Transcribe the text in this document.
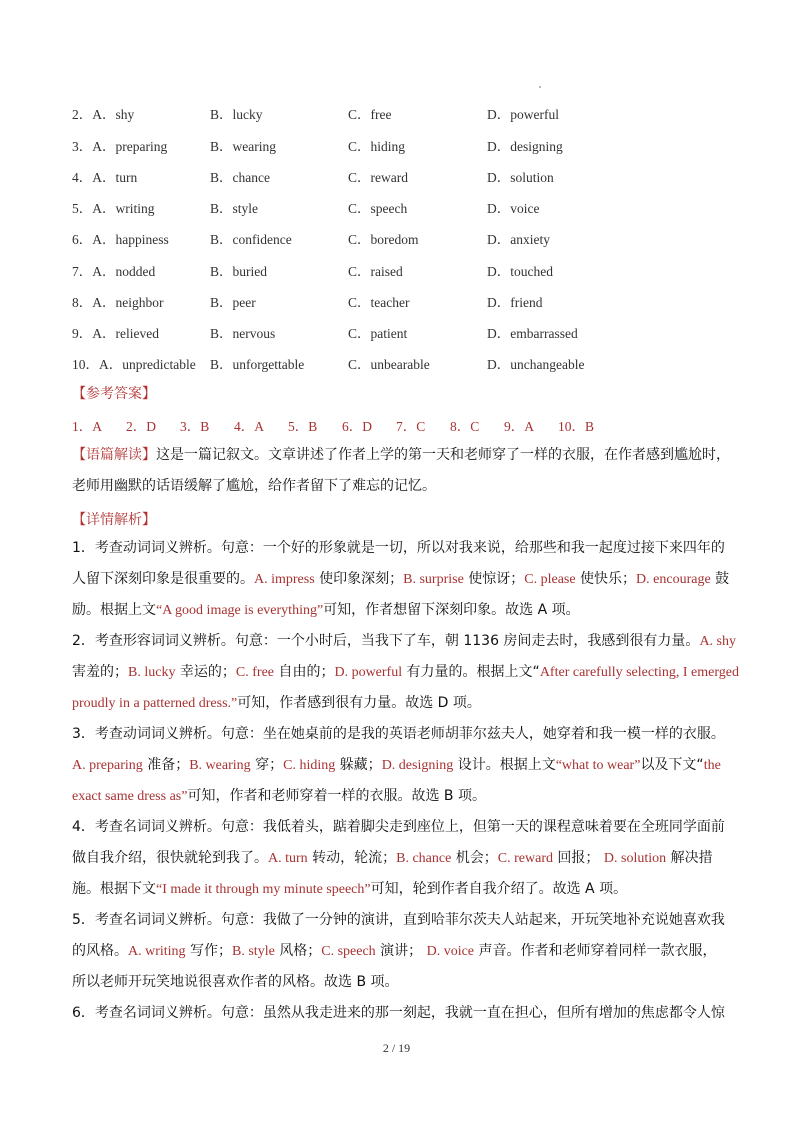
2．A．shy	B．lucky	C．free	D．powerful
3．A．preparing	B．wearing	C．hiding	D．designing
4．A．turn	B．chance	C．reward	D．solution
5．A．writing	B．style	C．speech	D．voice
6．A．happiness	B．confidence	C．boredom	D．anxiety
7．A．nodded	B．buried	C．raised	D．touched
8．A．neighbor	B．peer	C．teacher	D．friend
9．A．relieved	B．nervous	C．patient	D．embarrassed
10．A．unpredictable B．unforgettable	C．unbearable	D．unchangeable
【参考答案】
1．A 2．D 3．B 4．A 5．B 6．D 7．C 8．C 9．A 10．B
【语篇解读】这是一篇记叙文。文章讲述了作者上学的第一天和老师穿了一样的衣服，在作者感到尴尬时，
老师用幽默的话语缓解了尴尬，给作者留下了难忘的记忆。
【详情解析】
1．考查动词词义辨析。句意：一个好的形象就是一切，所以对我来说，给那些和我一起度过接下来四年的
人留下深刻印象是很重要的。A. impress 使印象深刻；B. surprise 使惊讶；C. please 使快乐；D. encourage 鼓
励。根据上文“A good image is everything”可知，作者想留下深刻印象。故选 A 项。
2．考查形容词词义辨析。句意：一个小时后，当我下了车，朝 1136 房间走去时，我感到很有力量。A. shy
害羞的；B. lucky 幸运的；C. free 自由的；D. powerful 有力量的。根据上文“After carefully selecting, I emerged
proudly in a patterned dress.”可知，作者感到很有力量。故选 D 项。
3．考查动词词义辨析。句意：坐在她桌前的是我的英语老师胡菲尔兹夫人，她穿着和我一模一样的衣服。
A. preparing 准备；B. wearing 穿；C. hiding 躲藏；D. designing 设计。根据上文“what to wear”以及下文“the
exact same dress as”可知，作者和老师穿着一样的衣服。故选 B 项。
4．考查名词词义辨析。句意：我低着头，踮着脚尖走到座位上，但第一天的课程意味着要在全班同学面前
做自我介绍，很快就轮到我了。A. turn 转动，轮流；B. chance 机会；C. reward 回报； D. solution 解决措
施。根据下文“I made it through my minute speech”可知，轮到作者自我介绍了。故选 A 项。
5．考查名词词义辨析。句意：我做了一分钟的演讲，直到哈菲尔茨夫人站起来，开玩笑地补充说她喜欢我
的风格。A. writing 写作；B. style 风格；C. speech 演讲； D. voice 声音。作者和老师穿着同样一款衣服，
所以老师开玩笑地说很喜欢作者的风格。故选 B 项。
6．考查名词词义辨析。句意：虽然从我走进来的那一刻起，我就一直在担心，但所有增加的焦虑都令人惊
2 / 19
